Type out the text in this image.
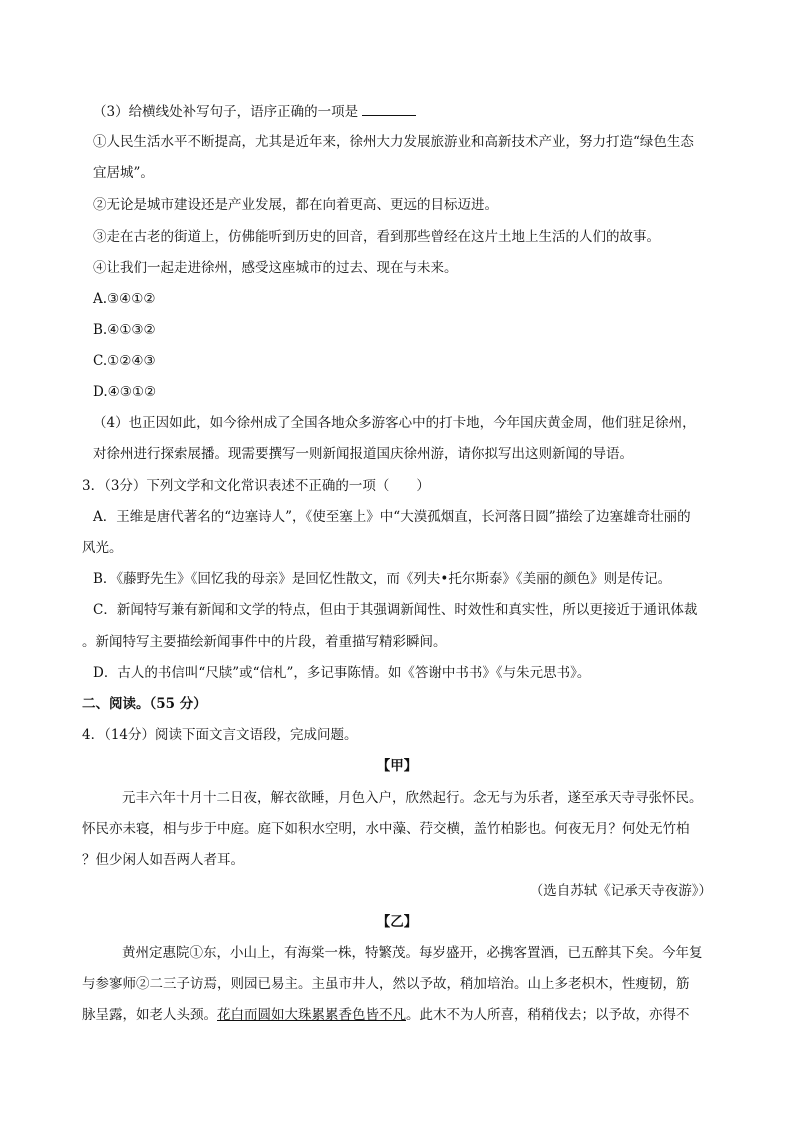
（3）给横线处补写句子，语序正确的一项是
①人民生活水平不断提高，尤其是近年来，徐州大力发展旅游业和高新技术产业，努力打造“绿色生态
宜居城”。
②无论是城市建设还是产业发展，都在向着更高、更远的目标迈进。
③走在古老的街道上，仿佛能听到历史的回音，看到那些曾经在这片土地上生活的人们的故事。
④让我们一起走进徐州，感受这座城市的过去、现在与未来。
A.③④①②
B.④①③②
C.①②④③
D.④③①②
（4）也正因如此，如今徐州成了全国各地众多游客心中的打卡地，今年国庆黄金周，他们驻足徐州，
对徐州进行探索展播。现需要撰写一则新闻报道国庆徐州游，请你拟写出这则新闻的导语。
3．（3分）下列文学和文化常识表述不正确的一项（　　）
A．王维是唐代著名的“边塞诗人”，《使至塞上》中“大漠孤烟直，长河落日圆”描绘了边塞雄奇壮丽的
风光。
B．《藤野先生》《回忆我的母亲》是回忆性散文，而《列夫•托尔斯泰》《美丽的颜色》则是传记。
C．新闻特写兼有新闻和文学的特点，但由于其强调新闻性、时效性和真实性，所以更接近于通讯体裁
。新闻特写主要描绘新闻事件中的片段，着重描写精彩瞬间。
D．古人的书信叫“尺牍”或“信札”，多记事陈情。如《答谢中书书》《与朱元思书》。
二、阅读。（55 分）
4．（14分）阅读下面文言文语段，完成问题。
【甲】
元丰六年十月十二日夜，解衣欲睡，月色入户，欣然起行。念无与为乐者，遂至承天寺寻张怀民。
怀民亦未寝，相与步于中庭。庭下如积水空明，水中藻、荇交横，盖竹柏影也。何夜无月？何处无竹柏
？但少闲人如吾两人者耳。
（选自苏轼《记承天寺夜游》）
【乙】
黄州定惠院①东，小山上，有海棠一株，特繁茂。每岁盛开，必携客置酒，已五醉其下矣。今年复
与参寥师②二三子访焉，则园已易主。主虽市井人，然以予故，稍加培治。山上多老枳木，性瘦韧，筋
脉呈露，如老人头颈。花白而圆如大珠累累香色皆不凡。此木不为人所喜，稍稍伐去；以予故，亦得不
